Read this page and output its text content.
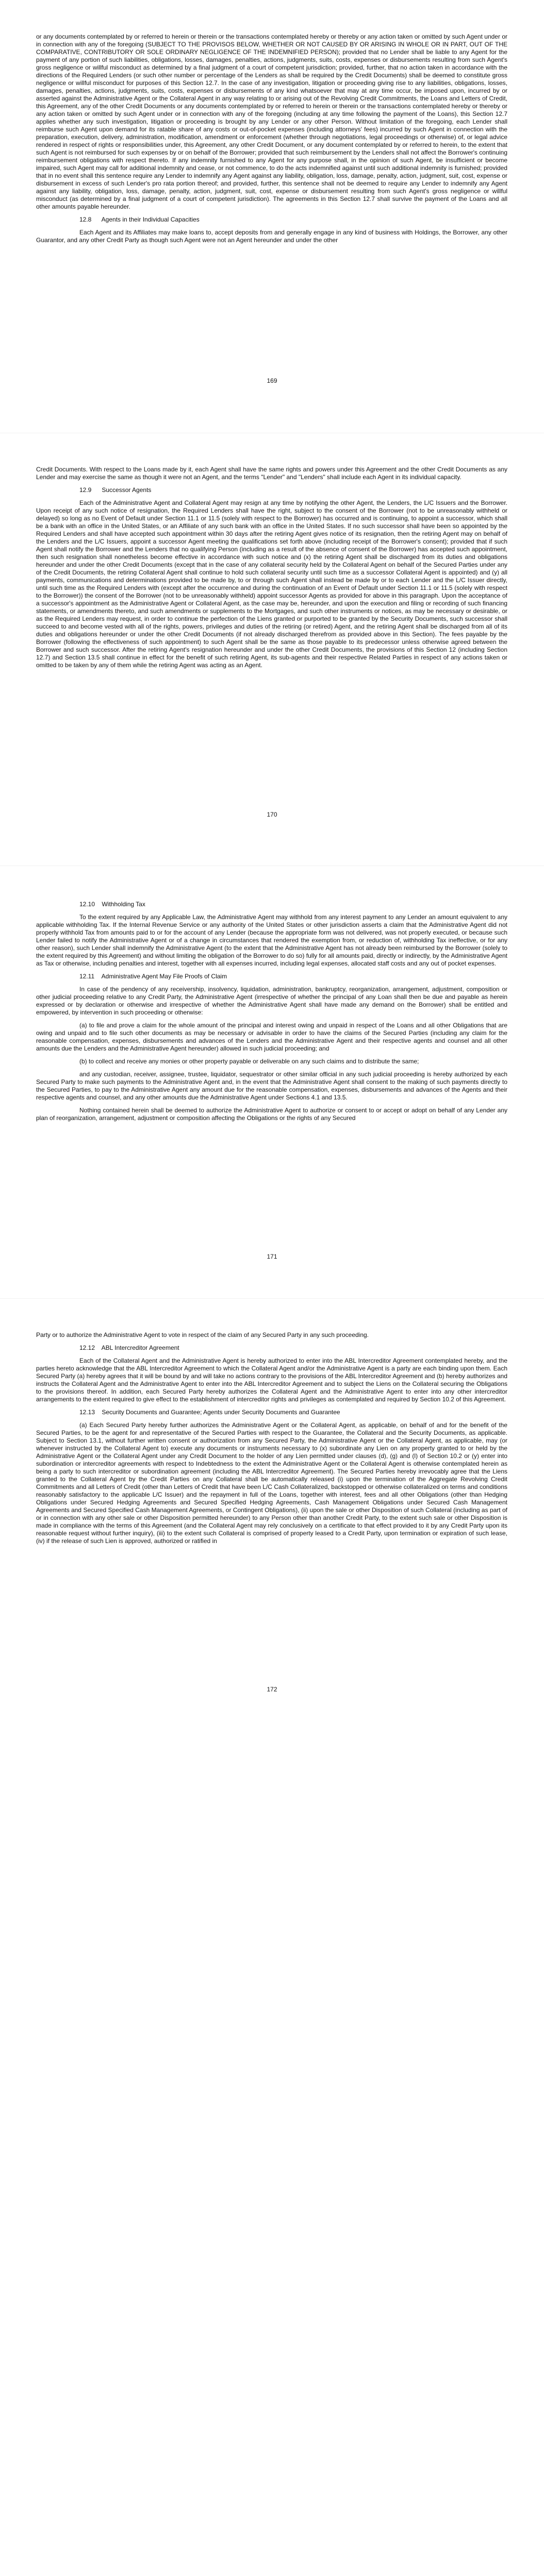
or any documents contemplated by or referred to herein or therein or the transactions contemplated hereby or thereby or any action taken or omitted by such Agent under or in connection with any of the foregoing (SUBJECT TO THE PROVISOS BELOW, WHETHER OR NOT CAUSED BY OR ARISING IN WHOLE OR IN PART, OUT OF THE COMPARATIVE, CONTRIBUTORY OR SOLE ORDINARY NEGLIGENCE OF THE INDEMNIFIED PERSON); provided that no Lender shall be liable to any Agent for the payment of any portion of such liabilities, obligations, losses, damages, penalties, actions, judgments, suits, costs, expenses or disbursements resulting from such Agent's gross negligence or willful misconduct as determined by a final judgment of a court of competent jurisdiction; provided, further, that no action taken in accordance with the directions of the Required Lenders (or such other number or percentage of the Lenders as shall be required by the Credit Documents) shall be deemed to constitute gross negligence or willful misconduct for purposes of this Section 12.7. In the case of any investigation, litigation or proceeding giving rise to any liabilities, obligations, losses, damages, penalties, actions, judgments, suits, costs, expenses or disbursements of any kind whatsoever that may at any time occur, be imposed upon, incurred by or asserted against the Administrative Agent or the Collateral Agent in any way relating to or arising out of the Revolving Credit Commitments, the Loans and Letters of Credit, this Agreement, any of the other Credit Documents or any documents contemplated by or referred to herein or therein or the transactions contemplated hereby or thereby or any action taken or omitted by such Agent under or in connection with any of the foregoing (including at any time following the payment of the Loans), this Section 12.7 applies whether any such investigation, litigation or proceeding is brought by any Lender or any other Person. Without limitation of the foregoing, each Lender shall reimburse such Agent upon demand for its ratable share of any costs or out-of-pocket expenses (including attorneys' fees) incurred by such Agent in connection with the preparation, execution, delivery, administration, modification, amendment or enforcement (whether through negotiations, legal proceedings or otherwise) of, or legal advice rendered in respect of rights or responsibilities under, this Agreement, any other Credit Document, or any document contemplated by or referred to herein, to the extent that such Agent is not reimbursed for such expenses by or on behalf of the Borrower; provided that such reimbursement by the Lenders shall not affect the Borrower's continuing reimbursement obligations with respect thereto. If any indemnity furnished to any Agent for any purpose shall, in the opinion of such Agent, be insufficient or become impaired, such Agent may call for additional indemnity and cease, or not commence, to do the acts indemnified against until such additional indemnity is furnished; provided that in no event shall this sentence require any Lender to indemnify any Agent against any liability, obligation, loss, damage, penalty, action, judgment, suit, cost, expense or disbursement in excess of such Lender's pro rata portion thereof; and provided, further, this sentence shall not be deemed to require any Lender to indemnify any Agent against any liability, obligation, loss, damage, penalty, action, judgment, suit, cost, expense or disbursement resulting from such Agent's gross negligence or willful misconduct (as determined by a final judgment of a court of competent jurisdiction). The agreements in this Section 12.7 shall survive the payment of the Loans and all other amounts payable hereunder.

12.8 Agents in their Individual Capacities

Each Agent and its Affiliates may make loans to, accept deposits from and generally engage in any kind of business with Holdings, the Borrower, any other Guarantor, and any other Credit Party as though such Agent were not an Agent hereunder and under the other

169

Credit Documents. With respect to the Loans made by it, each Agent shall have the same rights and powers under this Agreement and the other Credit Documents as any Lender and may exercise the same as though it were not an Agent, and the terms "Lender" and "Lenders" shall include each Agent in its individual capacity.

12.9 Successor Agents

Each of the Administrative Agent and Collateral Agent may resign at any time by notifying the other Agent, the Lenders, the L/C Issuers and the Borrower. Upon receipt of any such notice of resignation, the Required Lenders shall have the right, subject to the consent of the Borrower (not to be unreasonably withheld or delayed) so long as no Event of Default under Section 11.1 or 11.5 (solely with respect to the Borrower) has occurred and is continuing, to appoint a successor, which shall be a bank with an office in the United States, or an Affiliate of any such bank with an office in the United States. If no such successor shall have been so appointed by the Required Lenders and shall have accepted such appointment within 30 days after the retiring Agent gives notice of its resignation, then the retiring Agent may on behalf of the Lenders and the L/C Issuers, appoint a successor Agent meeting the qualifications set forth above (including receipt of the Borrower's consent); provided that if such Agent shall notify the Borrower and the Lenders that no qualifying Person (including as a result of the absence of consent of the Borrower) has accepted such appointment, then such resignation shall nonetheless become effective in accordance with such notice and (x) the retiring Agent shall be discharged from its duties and obligations hereunder and under the other Credit Documents (except that in the case of any collateral security held by the Collateral Agent on behalf of the Secured Parties under any of the Credit Documents, the retiring Collateral Agent shall continue to hold such collateral security until such time as a successor Collateral Agent is appointed) and (y) all payments, communications and determinations provided to be made by, to or through such Agent shall instead be made by or to each Lender and the L/C Issuer directly, until such time as the Required Lenders with (except after the occurrence and during the continuation of an Event of Default under Section 11.1 or 11.5 (solely with respect to the Borrower)) the consent of the Borrower (not to be unreasonably withheld) appoint successor Agents as provided for above in this paragraph. Upon the acceptance of a successor's appointment as the Administrative Agent or Collateral Agent, as the case may be, hereunder, and upon the execution and filing or recording of such financing statements, or amendments thereto, and such amendments or supplements to the Mortgages, and such other instruments or notices, as may be necessary or desirable, or as the Required Lenders may request, in order to continue the perfection of the Liens granted or purported to be granted by the Security Documents, such successor shall succeed to and become vested with all of the rights, powers, privileges and duties of the retiring (or retired) Agent, and the retiring Agent shall be discharged from all of its duties and obligations hereunder or under the other Credit Documents (if not already discharged therefrom as provided above in this Section). The fees payable by the Borrower (following the effectiveness of such appointment) to such Agent shall be the same as those payable to its predecessor unless otherwise agreed between the Borrower and such successor. After the retiring Agent's resignation hereunder and under the other Credit Documents, the provisions of this Section 12 (including Section 12.7) and Section 13.5 shall continue in effect for the benefit of such retiring Agent, its sub-agents and their respective Related Parties in respect of any actions taken or omitted to be taken by any of them while the retiring Agent was acting as an Agent.

170
12.10 Withholding Tax

To the extent required by any Applicable Law, the Administrative Agent may withhold from any interest payment to any Lender an amount equivalent to any applicable withholding Tax. If the Internal Revenue Service or any authority of the United States or other jurisdiction asserts a claim that the Administrative Agent did not properly withhold Tax from amounts paid to or for the account of any Lender (because the appropriate form was not delivered, was not properly executed, or because such Lender failed to notify the Administrative Agent or of a change in circumstances that rendered the exemption from, or reduction of, withholding Tax ineffective, or for any other reason), such Lender shall indemnify the Administrative Agent (to the extent that the Administrative Agent has not already been reimbursed by the Borrower (solely to the extent required by this Agreement) and without limiting the obligation of the Borrower to do so) fully for all amounts paid, directly or indirectly, by the Administrative Agent as Tax or otherwise, including penalties and interest, together with all expenses incurred, including legal expenses, allocated staff costs and any out of pocket expenses.

12.11 Administrative Agent May File Proofs of Claim

In case of the pendency of any receivership, insolvency, liquidation, administration, bankruptcy, reorganization, arrangement, adjustment, composition or other judicial proceeding relative to any Credit Party, the Administrative Agent (irrespective of whether the principal of any Loan shall then be due and payable as herein expressed or by declaration or otherwise and irrespective of whether the Administrative Agent shall have made any demand on the Borrower) shall be entitled and empowered, by intervention in such proceeding or otherwise:

(a) to file and prove a claim for the whole amount of the principal and interest owing and unpaid in respect of the Loans and all other Obligations that are owing and unpaid and to file such other documents as may be necessary or advisable in order to have the claims of the Secured Parties (including any claim for the reasonable compensation, expenses, disbursements and advances of the Lenders and the Administrative Agent and their respective agents and counsel and all other amounts due the Lenders and the Administrative Agent hereunder) allowed in such judicial proceeding; and

(b) to collect and receive any monies or other property payable or deliverable on any such claims and to distribute the same;

and any custodian, receiver, assignee, trustee, liquidator, sequestrator or other similar official in any such judicial proceeding is hereby authorized by each Secured Party to make such payments to the Administrative Agent and, in the event that the Administrative Agent shall consent to the making of such payments directly to the Secured Parties, to pay to the Administrative Agent any amount due for the reasonable compensation, expenses, disbursements and advances of the Agents and their respective agents and counsel, and any other amounts due the Administrative Agent under Sections 4.1 and 13.5.

Nothing contained herein shall be deemed to authorize the Administrative Agent to authorize or consent to or accept or adopt on behalf of any Lender any plan of reorganization, arrangement, adjustment or composition affecting the Obligations or the rights of any Secured

171

Party or to authorize the Administrative Agent to vote in respect of the claim of any Secured Party in any such proceeding.

12.12 ABL Intercreditor Agreement

Each of the Collateral Agent and the Administrative Agent is hereby authorized to enter into the ABL Intercreditor Agreement contemplated hereby, and the parties hereto acknowledge that the ABL Intercreditor Agreement to which the Collateral Agent and/or the Administrative Agent is a party are each binding upon them. Each Secured Party (a) hereby agrees that it will be bound by and will take no actions contrary to the provisions of the ABL Intercreditor Agreement and (b) hereby authorizes and instructs the Collateral Agent and the Administrative Agent to enter into the ABL Intercreditor Agreement and to subject the Liens on the Collateral securing the Obligations to the provisions thereof. In addition, each Secured Party hereby authorizes the Collateral Agent and the Administrative Agent to enter into any other intercreditor arrangements to the extent required to give effect to the establishment of intercreditor rights and privileges as contemplated and required by Section 10.2 of this Agreement.

12.13 Security Documents and Guarantee; Agents under Security Documents and Guarantee

(a) Each Secured Party hereby further authorizes the Administrative Agent or the Collateral Agent, as applicable, on behalf of and for the benefit of the Secured Parties, to be the agent for and representative of the Secured Parties with respect to the Guarantee, the Collateral and the Security Documents, as applicable. Subject to Section 13.1, without further written consent or authorization from any Secured Party, the Administrative Agent or the Collateral Agent, as applicable, may (or whenever instructed by the Collateral Agent to) execute any documents or instruments necessary to (x) subordinate any Lien on any property granted to or held by the Administrative Agent or the Collateral Agent under any Credit Document to the holder of any Lien permitted under clauses (d), (g) and (l) of Section 10.2 or (y) enter into subordination or intercreditor agreements with respect to Indebtedness to the extent the Administrative Agent or the Collateral Agent is otherwise contemplated herein as being a party to such intercreditor or subordination agreement (including the ABL Intercreditor Agreement). The Secured Parties hereby irrevocably agree that the Liens granted to the Collateral Agent by the Credit Parties on any Collateral shall be automatically released (i) upon the termination of the Aggregate Revolving Credit Commitments and all Letters of Credit (other than Letters of Credit that have been L/C Cash Collateralized, backstopped or otherwise collateralized on terms and conditions reasonably satisfactory to the applicable L/C Issuer) and the repayment in full of the Loans, together with interest, fees and all other Obligations (other than Hedging Obligations under Secured Hedging Agreements and Secured Specified Hedging Agreements, Cash Management Obligations under Secured Cash Management Agreements and Secured Specified Cash Management Agreements, or Contingent Obligations), (ii) upon the sale or other Disposition of such Collateral (including as part of or in connection with any other sale or other Disposition permitted hereunder) to any Person other than another Credit Party, to the extent such sale or other Disposition is made in compliance with the terms of this Agreement (and the Collateral Agent may rely conclusively on a certificate to that effect provided to it by any Credit Party upon its reasonable request without further inquiry), (iii) to the extent such Collateral is comprised of property leased to a Credit Party, upon termination or expiration of such lease, (iv) if the release of such Lien is approved, authorized or ratified in

172
